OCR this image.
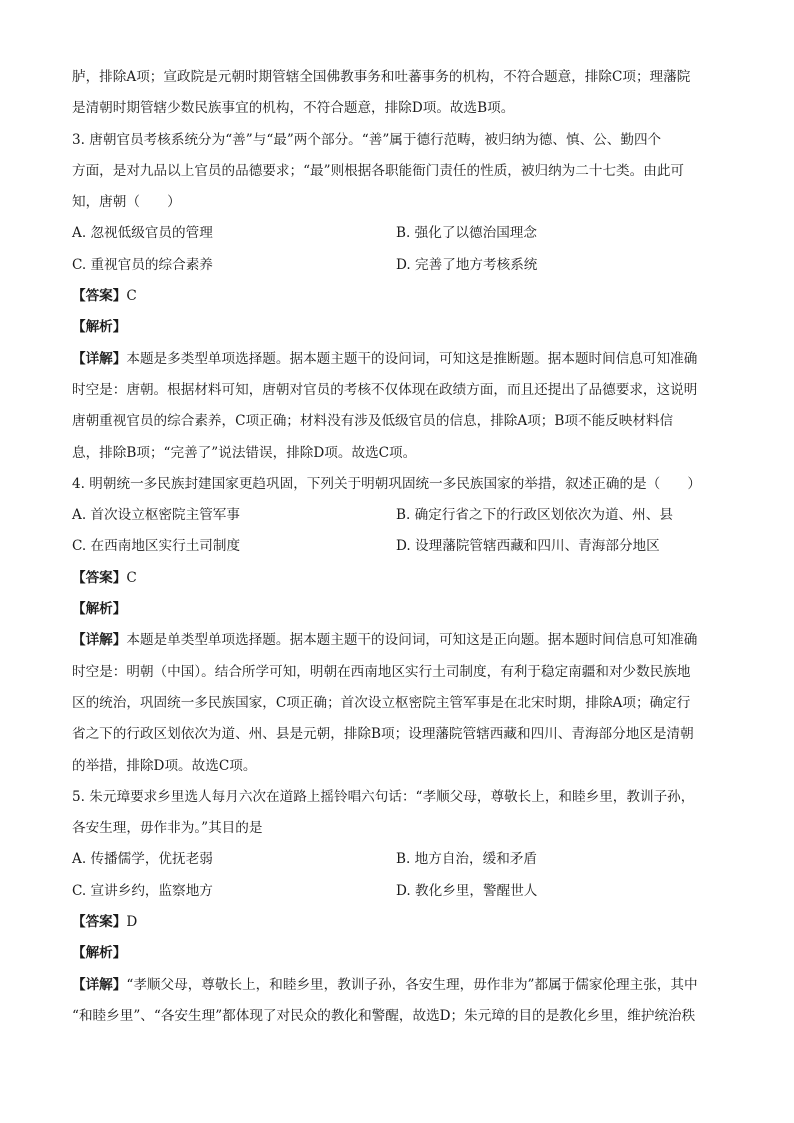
胪，排除A项；宣政院是元朝时期管辖全国佛教事务和吐蕃事务的机构，不符合题意，排除C项；理藩院
是清朝时期管辖少数民族事宜的机构，不符合题意，排除D项。故选B项。
3. 唐朝官员考核系统分为“善”与“最”两个部分。“善”属于德行范畴，被归纳为德、慎、公、勤四个
方面，是对九品以上官员的品德要求；“最”则根据各职能衙门责任的性质，被归纳为二十七类。由此可
知，唐朝（　　）
A. 忽视低级官员的管理	B. 强化了以德治国理念
C. 重视官员的综合素养	D. 完善了地方考核系统
【答案】C
【解析】
【详解】本题是多类型单项选择题。据本题主题干的设问词，可知这是推断题。据本题时间信息可知准确
时空是：唐朝。根据材料可知，唐朝对官员的考核不仅体现在政绩方面，而且还提出了品德要求，这说明
唐朝重视官员的综合素养，C项正确；材料没有涉及低级官员的信息，排除A项；B项不能反映材料信
息，排除B项；“完善了”说法错误，排除D项。故选C项。
4. 明朝统一多民族封建国家更趋巩固，下列关于明朝巩固统一多民族国家的举措，叙述正确的是（　　）
A. 首次设立枢密院主管军事	B. 确定行省之下的行政区划依次为道、州、县
C. 在西南地区实行土司制度	D. 设理藩院管辖西藏和四川、青海部分地区
【答案】C
【解析】
【详解】本题是单类型单项选择题。据本题主题干的设问词，可知这是正向题。据本题时间信息可知准确
时空是：明朝（中国）。结合所学可知，明朝在西南地区实行土司制度，有利于稳定南疆和对少数民族地
区的统治，巩固统一多民族国家，C项正确；首次设立枢密院主管军事是在北宋时期，排除A项；确定行
省之下的行政区划依次为道、州、县是元朝，排除B项；设理藩院管辖西藏和四川、青海部分地区是清朝
的举措，排除D项。故选C项。
5. 朱元璋要求乡里选人每月六次在道路上摇铃唱六句话：“孝顺父母，尊敬长上，和睦乡里，教训子孙，
各安生理，毋作非为。”其目的是
A. 传播儒学，优抚老弱	B. 地方自治，缓和矛盾
C. 宣讲乡约，监察地方	D. 教化乡里，警醒世人
【答案】D
【解析】
【详解】“孝顺父母，尊敬长上，和睦乡里，教训子孙，各安生理，毋作非为”都属于儒家伦理主张，其中
“和睦乡里”、“各安生理”都体现了对民众的教化和警醒，故选D；朱元璋的目的是教化乡里，维护统治秩
